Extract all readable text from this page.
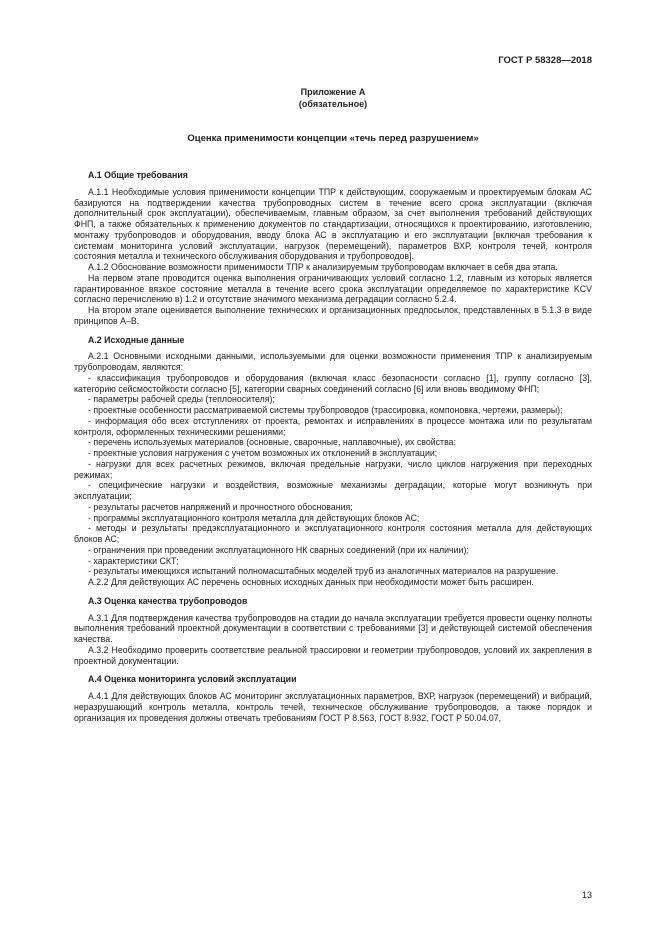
ГОСТ Р 58328—2018
Приложение А
(обязательное)
Оценка применимости концепции «течь перед разрушением»
А.1 Общие требования
А.1.1 Необходимые условия применимости концепции ТПР к действующим, сооружаемым и проектируемым блокам АС базируются на подтверждении качества трубопроводных систем в течение всего срока эксплуатации (включая дополнительный срок эксплуатации), обеспечиваемым, главным образом, за счет выполнения требований действующих ФНП, а также обязательных к применению документов по стандартизации, относящихся к проектированию, изготовлению, монтажу трубопроводов и оборудования, вводу блока АС в эксплуатацию и его эксплуатации [включая требования к системам мониторинга условий эксплуатации, нагрузок (перемещений), параметров ВХР, контроля течей, контроля состояния металла и технического обслуживания оборудования и трубопроводов].
А.1.2 Обоснование возможности применимости ТПР к анализируемым трубопроводам включает в себя два этапа.
На первом этапе проводится оценка выполнения ограничивающих условий согласно 1.2, главным из которых является гарантированное вязкое состояние металла в течение всего срока эксплуатации определяемое по характеристике KCV согласно перечислению в) 1.2 и отсутствие значимого механизма деградации согласно 5.2.4.
На втором этапе оценивается выполнение технических и организационных предпосылок, представленных в 5.1.3 в виде принципов А–В.
А.2 Исходные данные
А.2.1 Основными исходными данными, используемыми для оценки возможности применения ТПР к анализируемым трубопроводам, являются:
- классификация трубопроводов и оборудования (включая класс безопасности согласно [1], группу согласно [3], категорию сейсмостойкости согласно [5], категории сварных соединений согласно [6] или вновь вводимому ФНП;
- параметры рабочей среды (теплоносителя);
- проектные особенности рассматриваемой системы трубопроводов (трассировка, компоновка, чертежи, размеры);
- информация обо всех отступлениях от проекта, ремонтах и исправлениях в процессе монтажа или по результатам контроля, оформленных техническими решениями;
- перечень используемых материалов (основные, сварочные, наплавочные), их свойства;
- проектные условия нагружения с учетом возможных их отклонений в эксплуатации;
- нагрузки для всех расчетных режимов, включая предельные нагрузки, число циклов нагружения при переходных режимах;
- специфические нагрузки и воздействия, возможные механизмы деградации, которые могут возникнуть при эксплуатации;
- результаты расчетов напряжений и прочностного обоснования;
- программы эксплуатационного контроля металла для действующих блоков АС;
- методы и результаты предэксплуатационного и эксплуатационного контроля состояния металла для действующих блоков АС;
- ограничения при проведении эксплуатационного НК сварных соединений (при их наличии);
- характеристики СКТ;
- результаты имеющихся испытаний полномасштабных моделей труб из аналогичных материалов на разрушение.
А.2.2 Для действующих АС перечень основных исходных данных при необходимости может быть расширен.
А.3 Оценка качества трубопроводов
А.3.1 Для подтверждения качества трубопроводов на стадии до начала эксплуатации требуется провести оценку полноты выполнения требований проектной документации в соответствии с требованиями [3] и действующей системой обеспечения качества.
А.3.2 Необходимо проверить соответствие реальной трассировки и геометрии трубопроводов, условий их закрепления в проектной документации.
А.4 Оценка мониторинга условий эксплуатации
А.4.1 Для действующих блоков АС мониторинг эксплуатационных параметров, ВХР, нагрузок (перемещений) и вибраций, неразрушающий контроль металла, контроль течей, техническое обслуживание трубопроводов, а также порядок и организация их проведения должны отвечать требованиям ГОСТ Р 8.563, ГОСТ 8.932, ГОСТ Р 50.04.07,
13
